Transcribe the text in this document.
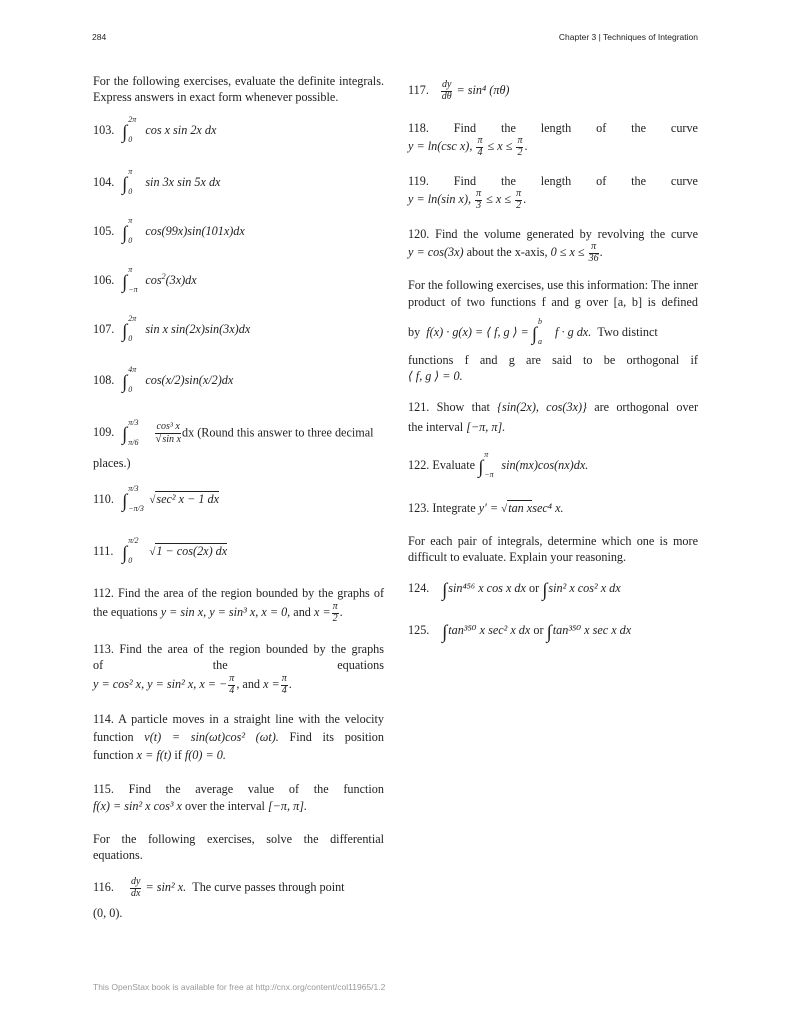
284	Chapter 3 | Techniques of Integration
For the following exercises, evaluate the definite integrals. Express answers in exact form whenever possible.
103. ∫
2π
0
cos x sin 2x dx
104. ∫
π
0
sin 3x sin 5x dx
105. ∫
π
0
cos(99x)sin(101x)dx
106. ∫
π
−π
$\cos^2(3x)dx$
107. ∫
2π
0
sin x sin(2x)sin(3x)dx
108. ∫
4π
0
cos(x/2)sin(x/2)dx
109. ∫
π/3
π/6
$\frac{\text{cos³ x}}{\text{√sin x}}$ dx (Round this answer to three decimal
places.)
110. ∫
π/3
−π/3
√sec² x − 1 dx
111. ∫
π/2
0
√1 − cos(2x) dx
112. Find the area of the region bounded by the graphs of
the equations y = sin x, y = sin³ x, x = 0, and $x = \frac{\pi}{2}$ .
113. Find the area of the region bounded by the graphs
of	the	equations
y = cos² x, y = sin² x, x = − $\frac{\pi}{4}$ , and $x = \frac{\pi}{4}$ .
114. A particle moves in a straight line with the velocity
function v(t) = sin(ωt)cos² (ωt). Find its position
function x = f(t) if f(0) = 0.
115. Find the average value of the function
f(x) = sin² x cos³ x over the interval [−π, π].
For the following exercises, solve the differential equations.
116. $\frac{dy}{dx} = \sin^2$ x. The curve passes through point
(0, 0).
117. $\frac{dy}{d\theta} = \sin^4$ (πθ)
118. Find the length of the curve
y = ln(csc x), $\frac{\pi}{4} \le x \le \frac{\pi}{2}$ .
119. Find the length of the curve
y = ln(sin x), $\frac{\pi}{3} \le x \le \frac{\pi}{2}$ .
120. Find the volume generated by revolving the curve
y = cos(3x) about the x-axis, $0 \le x \le \frac{\pi}{36}$ .
For the following exercises, use this information: The inner
product of two functions f and g over [a, b] is defined
by f(x) · g(x) = ⟨ f, g ⟩ = ∫
b
a
f · g dx. Two distinct
functions f and g are said to be orthogonal if
⟨ f, g ⟩ = 0.
121. Show that {sin(2x), cos(3x)} are orthogonal over
the interval [−π, π].
122. Evaluate ∫
π
−π
sin(mx)cos(nx)dx.
123. Integrate y′ = √tan xsec⁴ x.
For each pair of integrals, determine which one is more difficult to evaluate. Explain your reasoning.
124. ∫sin⁴⁵⁶ x cos x dx or ∫sin² x cos² x dx
125. ∫tan³⁵⁰ x sec² x dx or ∫tan³⁵⁰ x sec x dx
This OpenStax book is available for free at http://cnx.org/content/col11965/1.2
